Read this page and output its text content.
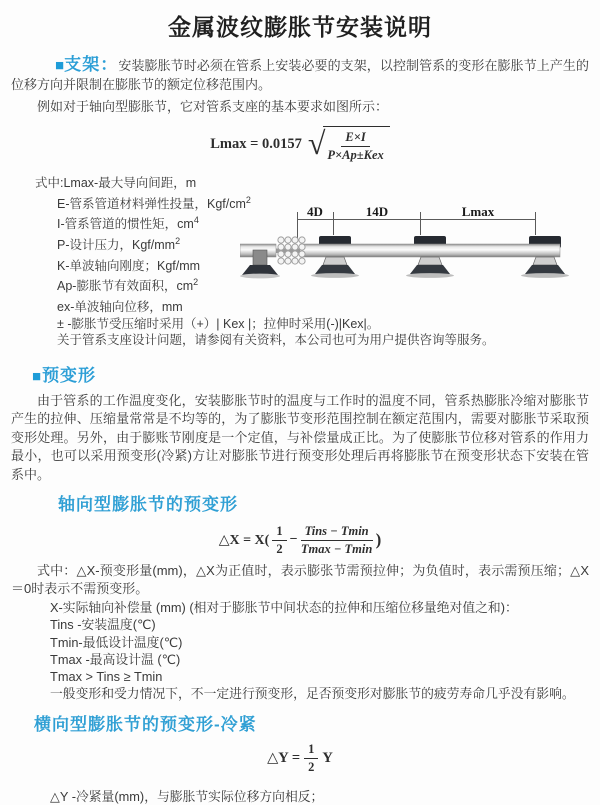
金属波纹膨胀节安装说明

■支架：安装膨胀节时必须在管系上安装必要的支架，以控制管系的变形在膨胀节上产生的位移方向并限制在膨胀节的额定位移范围内。

例如对于轴向型膨胀节，它对管系支座的基本要求如图所示：

Lmax = 0.0157 √ $\frac{E\times I}{\text{P×Ap±Kex}}$
式中:Lmax-最大导向间距，m
E-管系管道材料弹性投量，Kgf/$cm^2$
I-管系管道的惯性矩，$cm^4$
P-设计压力，Kgf/$mm^2$
K-单波轴向刚度；Kgf/mm
Ap-膨胀节有效面积，$cm^2$
ex-单波轴向位移，mm
± -膨胀节受压缩时采用（+）| Kex |；拉伸时采用(-)|Kex|。
关于管系支座设计问题，请参阅有关资料，本公司也可为用户提供咨询等服务。
4D	14D	Lmax
■预变形

由于管系的工作温度变化，安装膨胀节时的温度与工作时的温度不同，管系热膨胀冷缩对膨胀节产生的拉伸、压缩量常常是不均等的，为了膨胀节变形范围控制在额定范围内，需要对膨胀节采取预变形处理。另外，由于膨账节刚度是一个定值，与补偿量成正比。为了使膨胀节位移对管系的作用力最小，也可以采用预变形(冷紧)方让对膨胀节进行预变形处理后再将膨胀节在预变形状态下安装在管系中。

轴向型膨胀节的预变形
△X = $X( \frac{1}{2} - \frac{\text{Tins − Tmin}}{Tmax - Tmin}$ )

式中：△X-预变形量(mm)，△X为正值时，表示膨张节需预拉伸；为负值时，表示需预压缩；△X＝0时表示不需预变形。

X-实际轴向补偿量 (mm) (相对于膨胀节中间状态的拉伸和压缩位移量绝对值之和)：
Tins -安装温度(℃)
Tmin-最低设计温度(℃)
Tmax -最高设计温 (℃)
Tmax > Tins ≥ Tmin
一般变形和受力情况下，不一定进行预变形，足否预变形对膨胀节的疲劳寿命几乎没有影响。
横向型膨胀节的预变形-冷紧
△Y = $\frac{1}{2}$ Y
△Y -冷紧量(mm)，与膨胀节实际位移方向相反；
